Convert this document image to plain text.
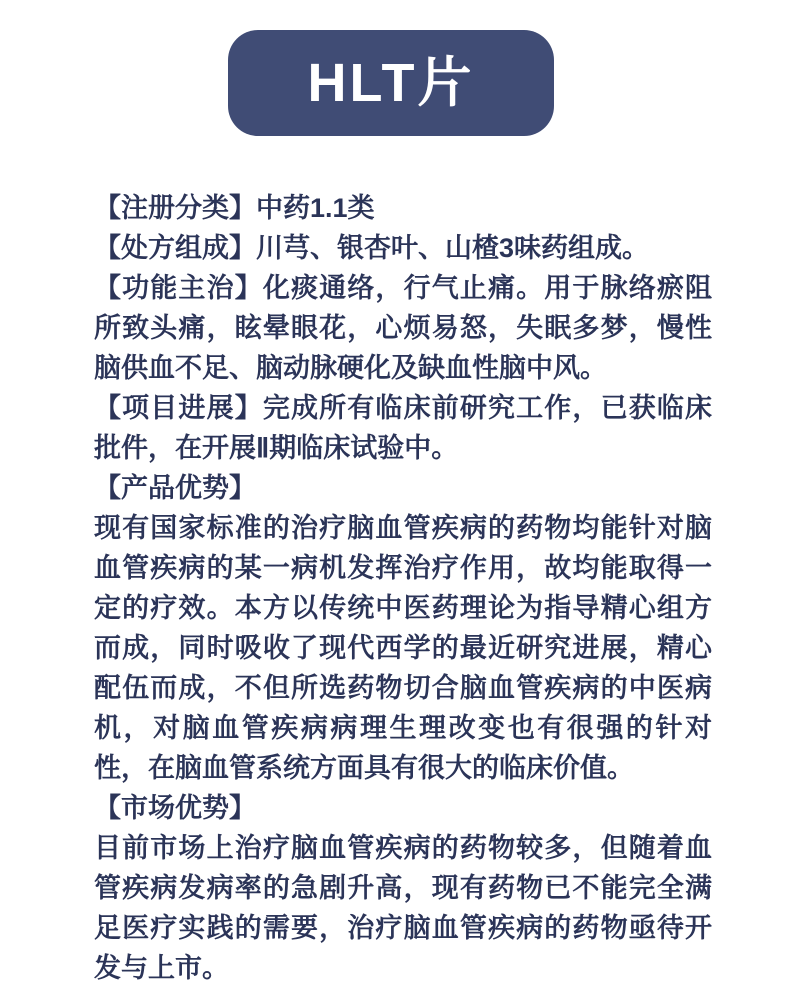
HLT片

【注册分类】中药1.1类

【处方组成】川芎、银杏叶、山楂3味药组成。

【功能主治】化痰通络，行气止痛。用于脉络瘀阻所致头痛，眩晕眼花，心烦易怒，失眠多梦，慢性脑供血不足、脑动脉硬化及缺血性脑中风。

【项目进展】完成所有临床前研究工作，已获临床批件，在开展Ⅱ期临床试验中。

【产品优势】

现有国家标准的治疗脑血管疾病的药物均能针对脑血管疾病的某一病机发挥治疗作用，故均能取得一定的疗效。本方以传统中医药理论为指导精心组方而成，同时吸收了现代西学的最近研究进展，精心配伍而成，不但所选药物切合脑血管疾病的中医病机，对脑血管疾病病理生理改变也有很强的针对性，在脑血管系统方面具有很大的临床价值。

【市场优势】

目前市场上治疗脑血管疾病的药物较多，但随着血管疾病发病率的急剧升高，现有药物已不能完全满足医疗实践的需要，治疗脑血管疾病的药物亟待开发与上市。
